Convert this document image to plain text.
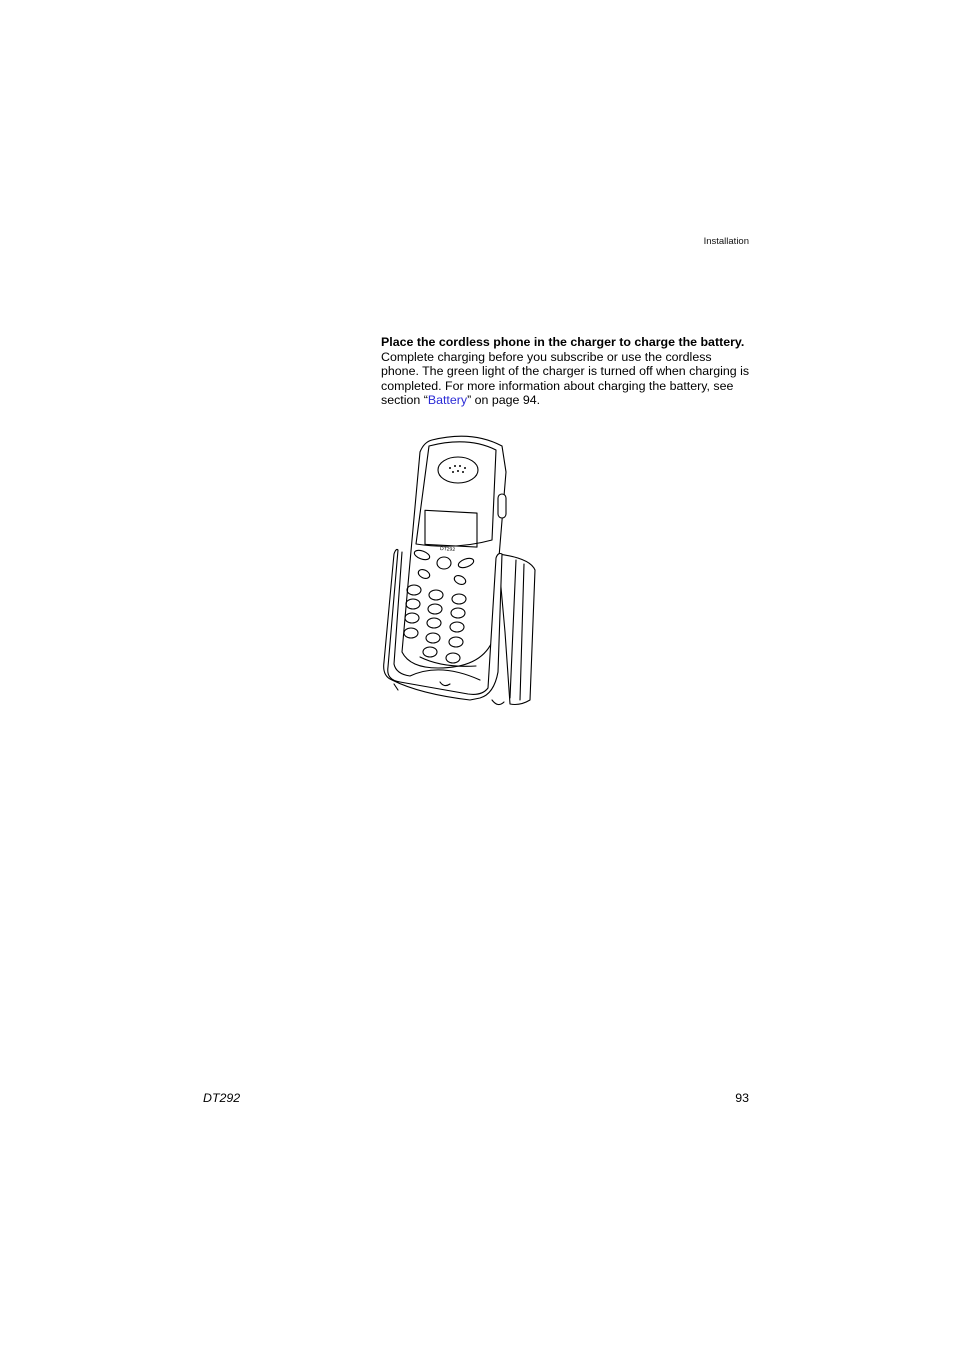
Installation

Place the cordless phone in the charger to charge the battery.

Complete charging before you subscribe or use the cordless phone. The green light of the charger is turned off when charging is completed. For more information about charging the battery, see section “Battery” on page 94.

DT292
DT292	93
